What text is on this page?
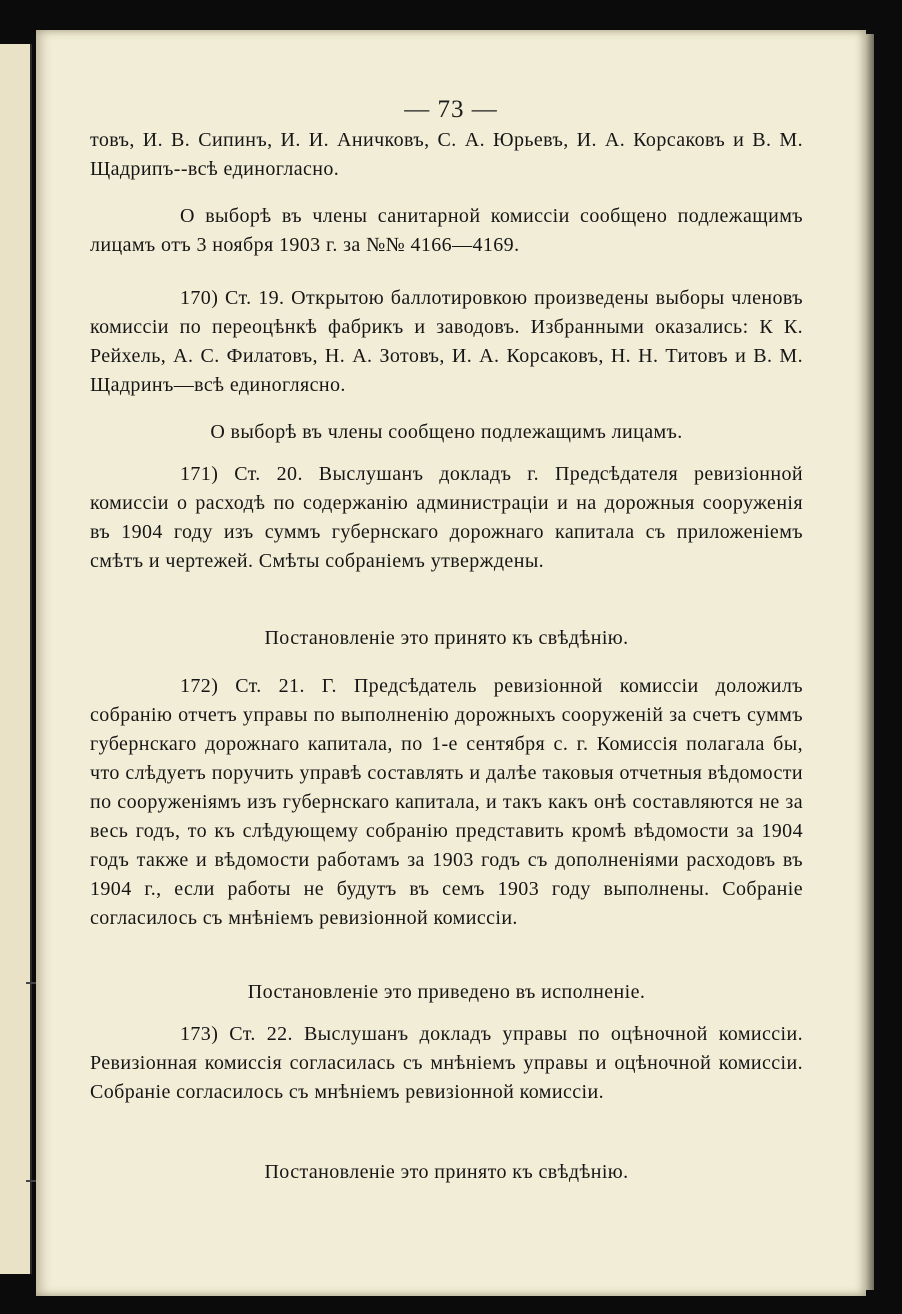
— 73 —

товъ, И. В. Сипинъ, И. И. Аничковъ, С. А. Юрьевъ, И. А. Корсаковъ и В. М. Щадрипъ--всѣ единогласно.

О выборѣ въ члены санитарной комиссіи сообщено подлежащимъ лицамъ отъ 3 ноября 1903 г. за №№ 4166—4169.

170) Ст. 19. Открытою баллотировкою произведены выборы членовъ комиссіи по переоцѣнкѣ фабрикъ и заводовъ. Избранными оказались: К К. Рейхель, А. С. Филатовъ, Н. А. Зотовъ, И. А. Корсаковъ, Н. Н. Титовъ и В. М. Щадринъ—всѣ единоглясно.

О выборѣ въ члены сообщено подлежащимъ лицамъ.

171) Ст. 20. Выслушанъ докладъ г. Предсѣдателя ревизіонной комиссіи о расходѣ по содержанію администраціи и на дорожныя сооруженія въ 1904 году изъ суммъ губернскаго дорожнаго капитала съ приложеніемъ смѣтъ и чертежей. Смѣты собраніемъ утверждены.

Постановленіе это принято къ свѣдѣнію.

172) Ст. 21. Г. Предсѣдатель ревизіонной комиссіи доложилъ собранію отчетъ управы по выполненію дорожныхъ сооруженій за счетъ суммъ губернскаго дорожнаго капитала, по 1-е сентября с. г. Комиссія полагала бы, что слѣдуетъ поручить управѣ составлять и далѣе таковыя отчетныя вѣдомости по сооруженіямъ изъ губернскаго капитала, и такъ какъ онѣ составляются не за весь годъ, то къ слѣдующему собранію представить кромѣ вѣдомости за 1904 годъ также и вѣдомости работамъ за 1903 годъ съ дополненіями расходовъ въ 1904 г., если работы не будутъ въ семъ 1903 году выполнены. Собраніе согласилось съ мнѣніемъ ревизіонной комиссіи.

Постановленіе это приведено въ исполненіе.

173) Ст. 22. Выслушанъ докладъ управы по оцѣночной комиссіи. Ревизіонная комиссія согласилась съ мнѣніемъ управы и оцѣночной комиссіи. Собраніе согласилось съ мнѣніемъ ревизіонной комиссіи.

Постановленіе это принято къ свѣдѣнію.
